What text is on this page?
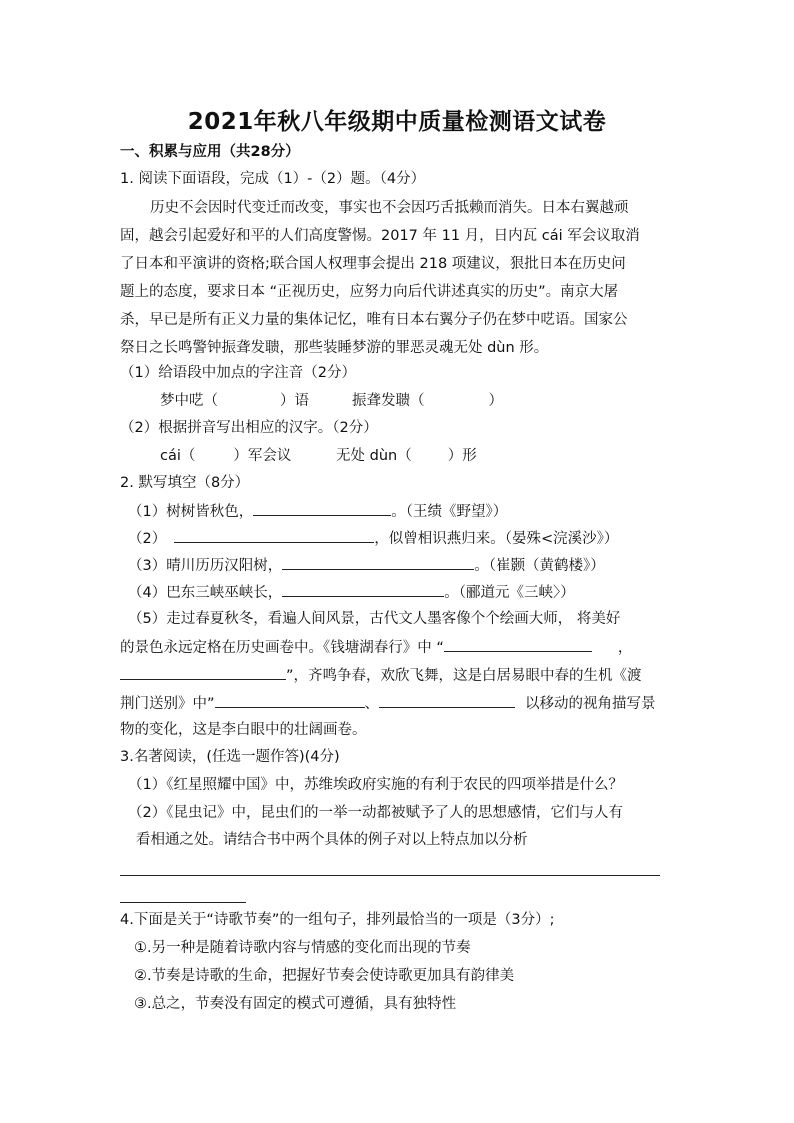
2021年秋八年级期中质量检测语文试卷
一、积累与应用（共28分）
1. 阅读下面语段，完成（1）-（2）题。（4分）
历史不会因时代变迁而改变，事实也不会因巧舌抵赖而消失。日本右翼越顽
固，越会引起爱好和平的人们高度警惕。2017 年 11 月，日内瓦 cái 军会议取消
了日本和平演讲的资格;联合国人权理事会提出 218 项建议，狠批日本在历史问
题上的态度，要求日本 “正视历史，应努力向后代讲述真实的历史”。南京大屠
杀，早已是所有正义力量的集体记忆，唯有日本右翼分子仍在梦中呓语。国家公
祭日之长鸣警钟振聋发聩，那些装睡梦游的罪恶灵魂无处 dùn 形。
（1）给语段中加点的字注音（2分）
梦中呓（	）语	振聋发聩（	）
（2）根据拼音写出相应的汉字。（2分）
cái（	）军会议	无处 dùn（ ）形
2. 默写填空（8分）
（1）树树皆秋色，	。（王绩《野望》）
（2）	，似曾相识燕归来。（晏殊<浣溪沙》）
（3）晴川历历汉阳树，	。（崔颢（黄鹤楼》）
（4）巴东三峡巫峡长，	。（郦道元《三峡〉）
（5）走过春夏秋冬，看遍人间风景，古代文人墨客像个个绘画大师， 将美好
的景色永远定格在历史画卷中。《钱塘湖春行》中 “	，
”，齐鸣争春，欢欣飞舞，这是白居易眼中春的生机《渡
荆门送别》中”	、	以移动的视角描写景
物的变化，这是李白眼中的壮阔画卷。
3.名著阅读，(任选一题作答)(4分)
（1）《红星照耀中国》中，苏维埃政府实施的有利于农民的四项举措是什么？
（2）《昆虫记》中，昆虫们的一举一动都被赋予了人的思想感情，它们与人有
看相通之处。请结合书中两个具体的例子对以上特点加以分析
4.下面是关于“诗歌节奏”的一组句子，排列最恰当的一项是（3分）;
①.另一种是随着诗歌内容与情感的变化而出现的节奏
②.节奏是诗歌的生命，把握好节奏会使诗歌更加具有韵律美
③.总之，节奏没有固定的模式可遵循，具有独特性
